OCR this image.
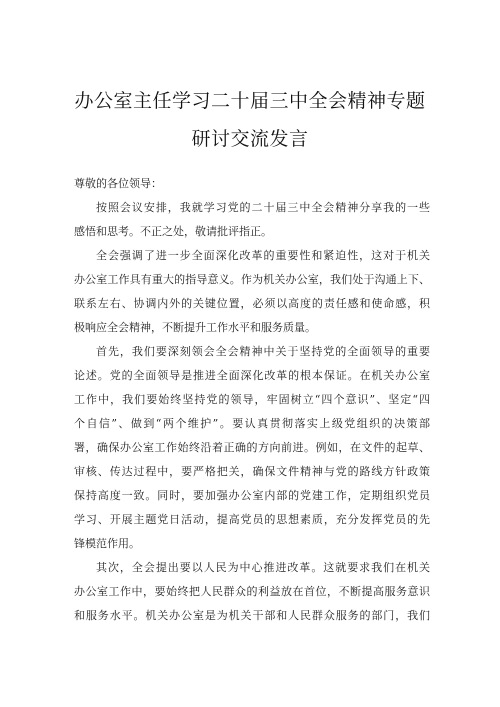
办公室主任学习二十届三中全会精神专题
研讨交流发言

尊敬的各位领导：

按照会议安排，我就学习党的二十届三中全会精神分享我的一些
感悟和思考。不正之处，敬请批评指正。

全会强调了进一步全面深化改革的重要性和紧迫性，这对于机关
办公室工作具有重大的指导意义。作为机关办公室，我们处于沟通上下、
联系左右、协调内外的关键位置，必须以高度的责任感和使命感，积
极响应全会精神，不断提升工作水平和服务质量。

首先，我们要深刻领会全会精神中关于坚持党的全面领导的重要
论述。党的全面领导是推进全面深化改革的根本保证。在机关办公室
工作中，我们要始终坚持党的领导，牢固树立“四个意识”、坚定“四
个自信”、做到“两个维护”。要认真贯彻落实上级党组织的决策部
署，确保办公室工作始终沿着正确的方向前进。例如，在文件的起草、
审核、传达过程中，要严格把关，确保文件精神与党的路线方针政策
保持高度一致。同时，要加强办公室内部的党建工作，定期组织党员
学习、开展主题党日活动，提高党员的思想素质，充分发挥党员的先
锋模范作用。

其次，全会提出要以人民为中心推进改革。这就要求我们在机关
办公室工作中，要始终把人民群众的利益放在首位，不断提高服务意识
和服务水平。机关办公室是为机关干部和人民群众服务的部门，我们
